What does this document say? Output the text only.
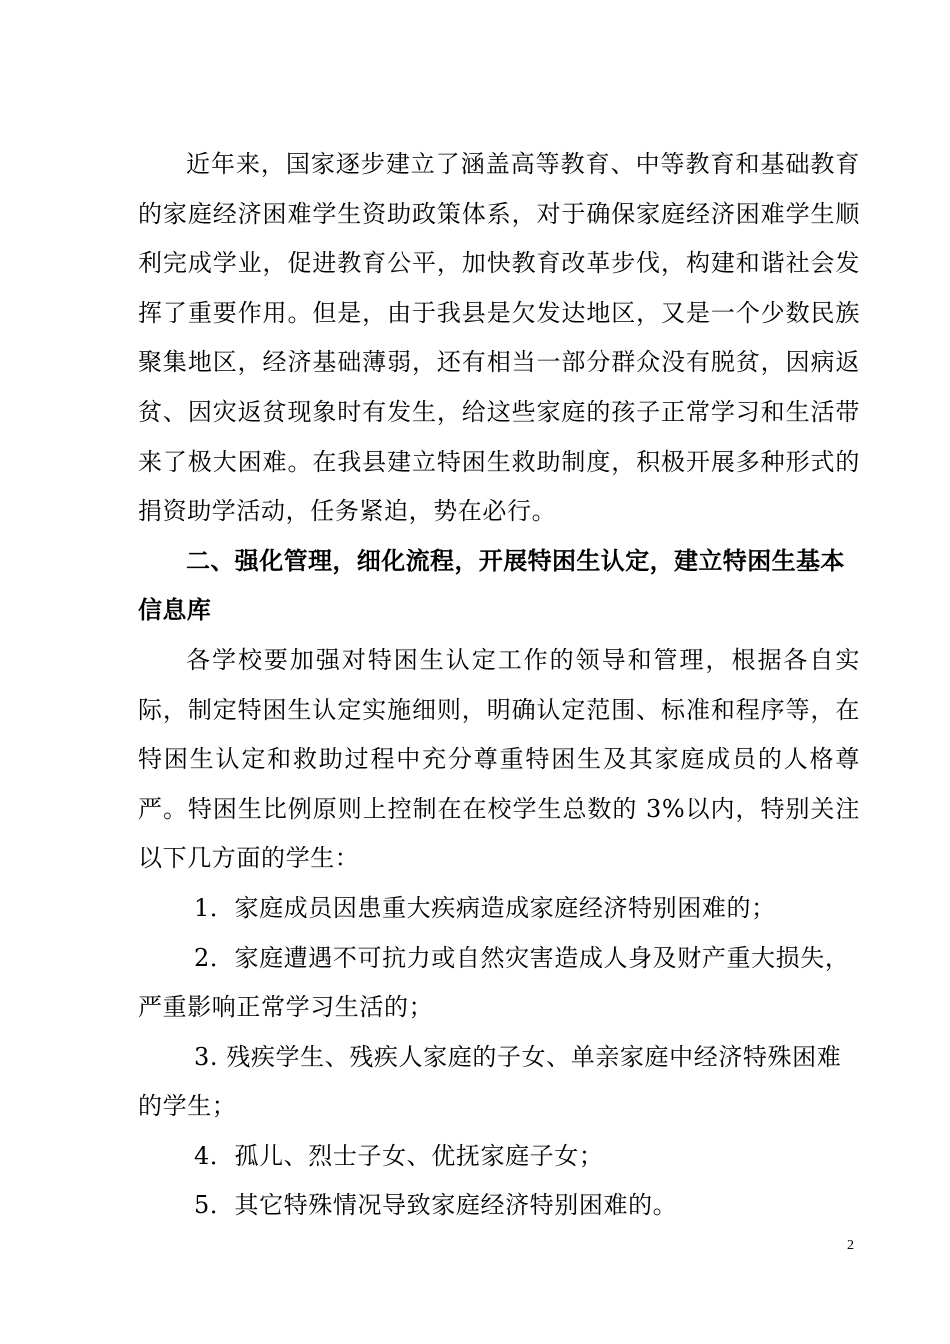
近年来，国家逐步建立了涵盖高等教育、中等教育和基础教育的家庭经济困难学生资助政策体系，对于确保家庭经济困难学生顺利完成学业，促进教育公平，加快教育改革步伐，构建和谐社会发挥了重要作用。但是，由于我县是欠发达地区，又是一个少数民族聚集地区，经济基础薄弱，还有相当一部分群众没有脱贫，因病返贫、因灾返贫现象时有发生，给这些家庭的孩子正常学习和生活带来了极大困难。在我县建立特困生救助制度，积极开展多种形式的捐资助学活动，任务紧迫，势在必行。

二、强化管理，细化流程，开展特困生认定，建立特困生基本信息库

各学校要加强对特困生认定工作的领导和管理，根据各自实际，制定特困生认定实施细则，明确认定范围、标准和程序等，在特困生认定和救助过程中充分尊重特困生及其家庭成员的人格尊严。特困生比例原则上控制在在校学生总数的 3%以内，特别关注以下几方面的学生：

1．家庭成员因患重大疾病造成家庭经济特别困难的；

2．家庭遭遇不可抗力或自然灾害造成人身及财产重大损失，严重影响正常学习生活的；

3. 残疾学生、残疾人家庭的子女、单亲家庭中经济特殊困难的学生；

4．孤儿、烈士子女、优抚家庭子女；

5．其它特殊情况导致家庭经济特别困难的。

2
